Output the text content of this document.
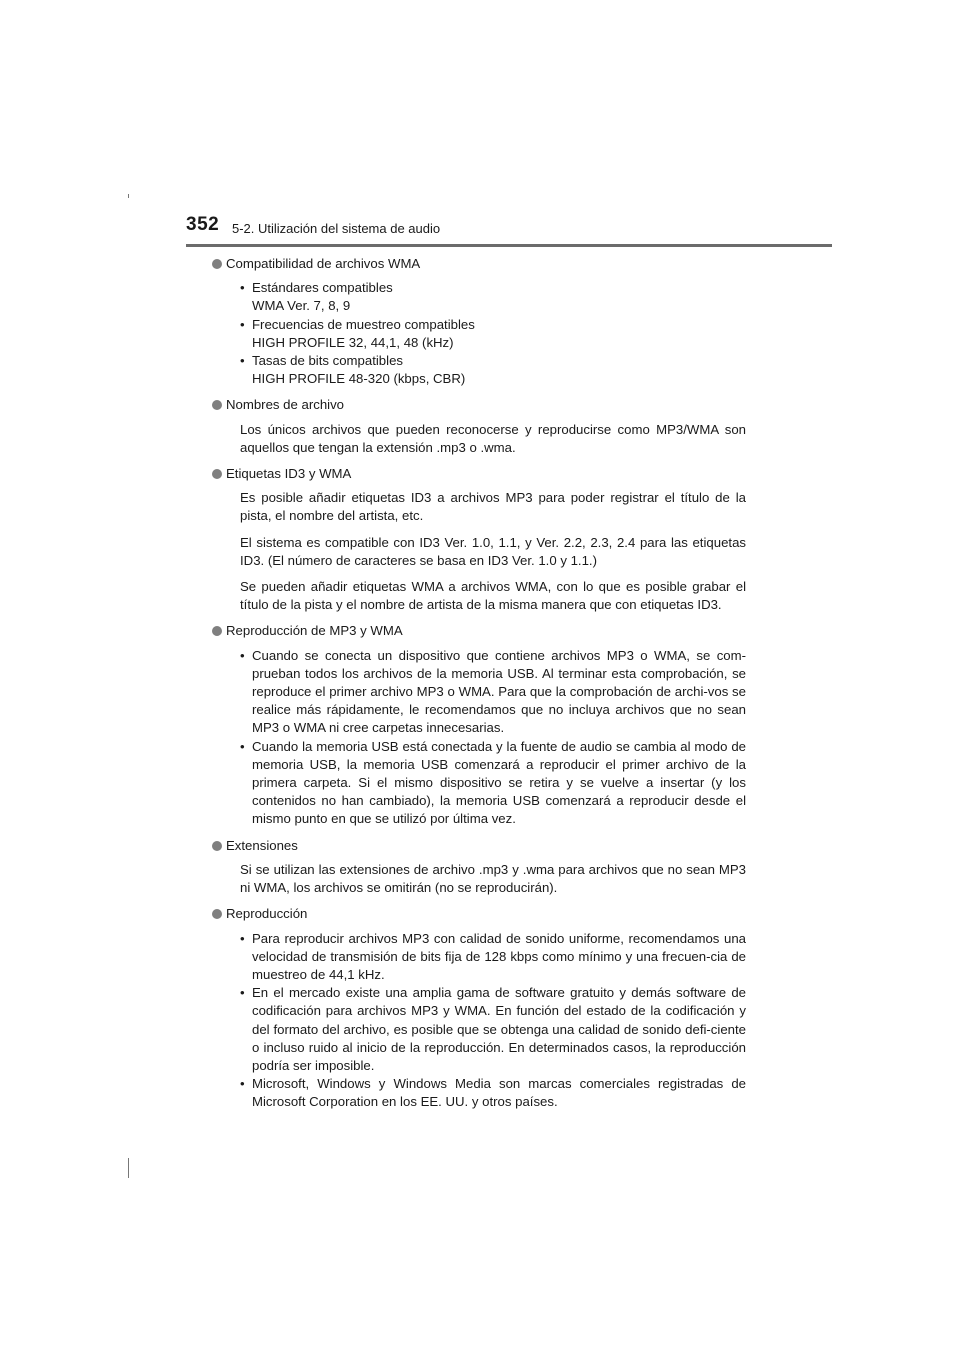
352 5-2. Utilización del sistema de audio
Compatibilidad de archivos WMA
• Estándares compatibles
WMA Ver. 7, 8, 9
• Frecuencias de muestreo compatibles
HIGH PROFILE 32, 44,1, 48 (kHz)
• Tasas de bits compatibles
HIGH PROFILE 48-320 (kbps, CBR)
Nombres de archivo

Los únicos archivos que pueden reconocerse y reproducirse como MP3/WMA son aquellos que tengan la extensión .mp3 o .wma.

Etiquetas ID3 y WMA

Es posible añadir etiquetas ID3 a archivos MP3 para poder registrar el título de la pista, el nombre del artista, etc.

El sistema es compatible con ID3 Ver. 1.0, 1.1, y Ver. 2.2, 2.3, 2.4 para las etiquetas ID3. (El número de caracteres se basa en ID3 Ver. 1.0 y 1.1.)

Se pueden añadir etiquetas WMA a archivos WMA, con lo que es posible grabar el título de la pista y el nombre de artista de la misma manera que con etiquetas ID3.

Reproducción de MP3 y WMA
• Cuando se conecta un dispositivo que contiene archivos MP3 o WMA, se com-prueban todos los archivos de la memoria USB. Al terminar esta comprobación, se reproduce el primer archivo MP3 o WMA. Para que la comprobación de archi-vos se realice más rápidamente, le recomendamos que no incluya archivos que no sean MP3 o WMA ni cree carpetas innecesarias.
• Cuando la memoria USB está conectada y la fuente de audio se cambia al modo de memoria USB, la memoria USB comenzará a reproducir el primer archivo de la primera carpeta. Si el mismo dispositivo se retira y se vuelve a insertar (y los contenidos no han cambiado), la memoria USB comenzará a reproducir desde el mismo punto en que se utilizó por última vez.
Extensiones

Si se utilizan las extensiones de archivo .mp3 y .wma para archivos que no sean MP3 ni WMA, los archivos se omitirán (no se reproducirán).

Reproducción
• Para reproducir archivos MP3 con calidad de sonido uniforme, recomendamos una velocidad de transmisión de bits fija de 128 kbps como mínimo y una frecuen-cia de muestreo de 44,1 kHz.
• En el mercado existe una amplia gama de software gratuito y demás software de codificación para archivos MP3 y WMA. En función del estado de la codificación y del formato del archivo, es posible que se obtenga una calidad de sonido defi-ciente o incluso ruido al inicio de la reproducción. En determinados casos, la reproducción podría ser imposible.
• Microsoft, Windows y Windows Media son marcas comerciales registradas de Microsoft Corporation en los EE. UU. y otros países.
